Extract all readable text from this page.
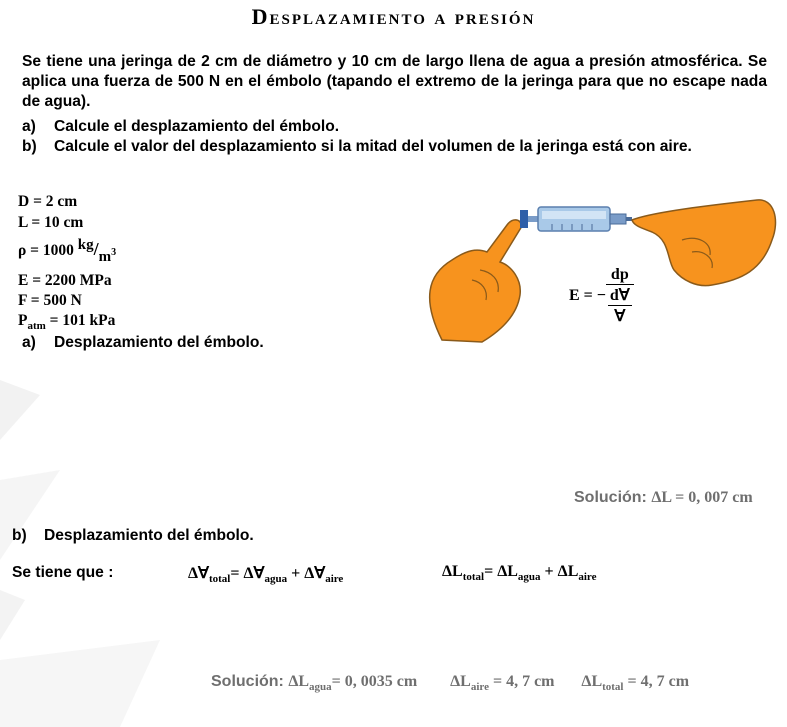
Desplazamiento a presión
Se tiene una jeringa de 2 cm de diámetro y 10 cm de largo llena de agua a presión atmosférica. Se aplica una fuerza de 500 N en el émbolo (tapando el extremo de la jeringa para que no escape nada de agua).
a) Calcule el desplazamiento del émbolo.
b) Calcule el valor del desplazamiento si la mitad del volumen de la jeringa está con aire.
D = 2 cm
L = 10 cm
ρ = 1000 $^{kg}/_{m^3}$
E = 2200 MPa
F = 500 N
$P_{atm} = 101$ kPa
a) Desplazamiento del émbolo.
E = − $\frac{dp}{\frac{d\forall}{\forall}}$
Solución: ΔL = 0, 007 cm
b) Desplazamiento del émbolo.
Se tiene que :	$\Delta\forall_{total}=$ $\Delta\forall_{agua}$ + $\Delta\forall_{aire}$	$\Delta L_{total}= \Delta L_{agua} + \Delta L_{aire}$
Solución: $\Delta L_{agua}= 0$, 0035 cm $\Delta L_{aire} = 4$, 7 cm $\Delta L_{total} = 4$, 7 cm
